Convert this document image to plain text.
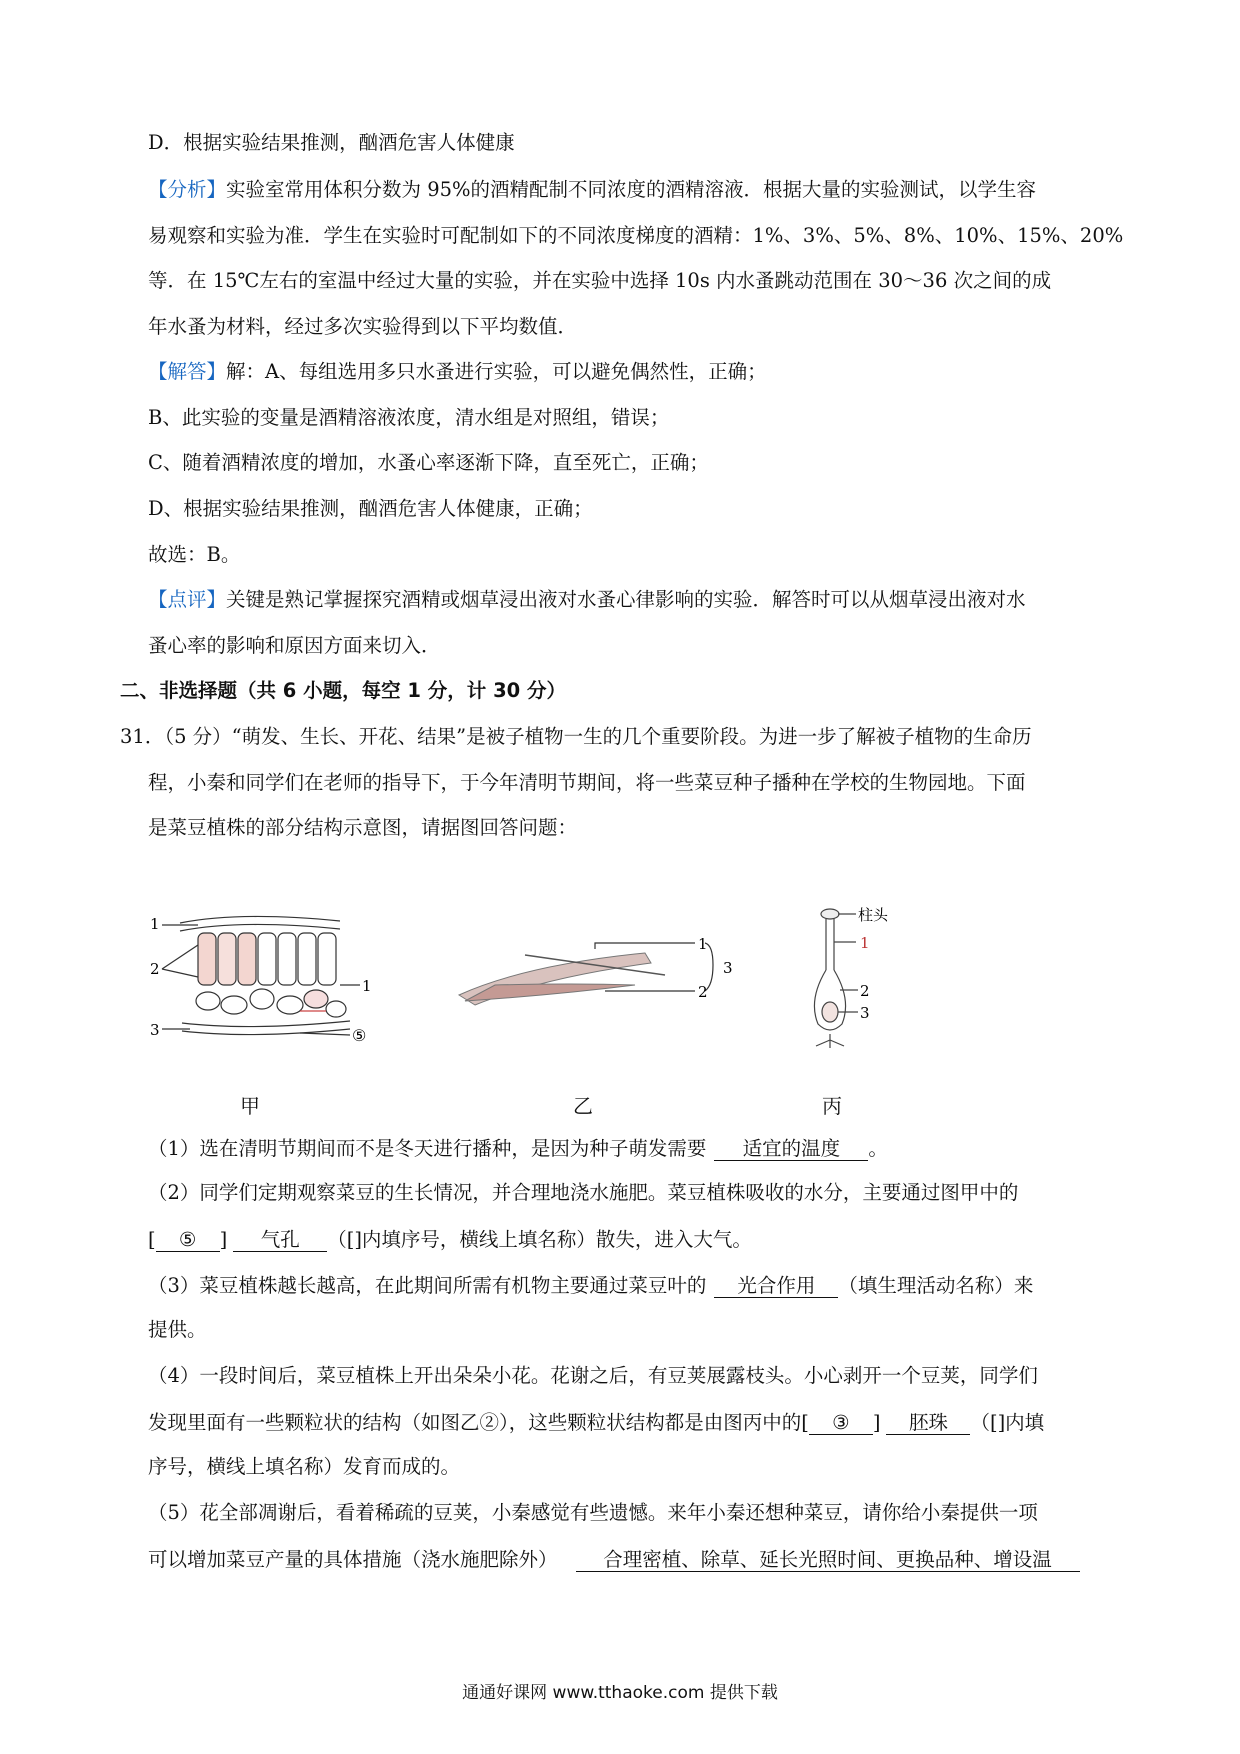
D．根据实验结果推测，酗酒危害人体健康
【分析】实验室常用体积分数为 95%的酒精配制不同浓度的酒精溶液．根据大量的实验测试，以学生容
易观察和实验为准．学生在实验时可配制如下的不同浓度梯度的酒精：1%、3%、5%、8%、10%、15%、20%
等．在 15℃左右的室温中经过大量的实验，并在实验中选择 10s 内水蚤跳动范围在 30～36 次之间的成
年水蚤为材料，经过多次实验得到以下平均数值．
【解答】解：A、每组选用多只水蚤进行实验，可以避免偶然性，正确；
B、此实验的变量是酒精溶液浓度，清水组是对照组，错误；
C、随着酒精浓度的增加，水蚤心率逐渐下降，直至死亡，正确；
D、根据实验结果推测，酗酒危害人体健康，正确；
故选：B。
【点评】关键是熟记掌握探究酒精或烟草浸出液对水蚤心律影响的实验．解答时可以从烟草浸出液对水
蚤心率的影响和原因方面来切入．
二、非选择题（共 6 小题，每空 1 分，计 30 分）
31．（5 分）“萌发、生长、开花、结果”是被子植物一生的几个重要阶段。为进一步了解被子植物的生命历
程，小秦和同学们在老师的指导下，于今年清明节期间，将一些菜豆种子播种在学校的生物园地。下面
是菜豆植株的部分结构示意图，请据图回答问题：
1
2
1
3	⑤
1
2
3
柱头
1
2
3
甲	乙	丙
（1）选在清明节期间而不是冬天进行播种，是因为种子萌发需要 适宜的温度 。
（2）同学们定期观察菜豆的生长情况，并合理地浇水施肥。菜豆植株吸收的水分，主要通过图甲中的
[ ⑤ ] 气孔 （[]内填序号，横线上填名称）散失，进入大气。
（3）菜豆植株越长越高，在此期间所需有机物主要通过菜豆叶的 光合作用 （填生理活动名称）来
提供。
（4）一段时间后，菜豆植株上开出朵朵小花。花谢之后，有豆荚展露枝头。小心剥开一个豆荚，同学们
发现里面有一些颗粒状的结构（如图乙②），这些颗粒状结构都是由图丙中的[ ③ ] 胚珠 （[]内填
序号，横线上填名称）发育而成的。
（5）花全部凋谢后，看着稀疏的豆荚，小秦感觉有些遗憾。来年小秦还想种菜豆，请你给小秦提供一项
可以增加菜豆产量的具体措施（浇水施肥除外） 合理密植、除草、延长光照时间、更换品种、增设温
通通好课网 www.tthaoke.com 提供下载
